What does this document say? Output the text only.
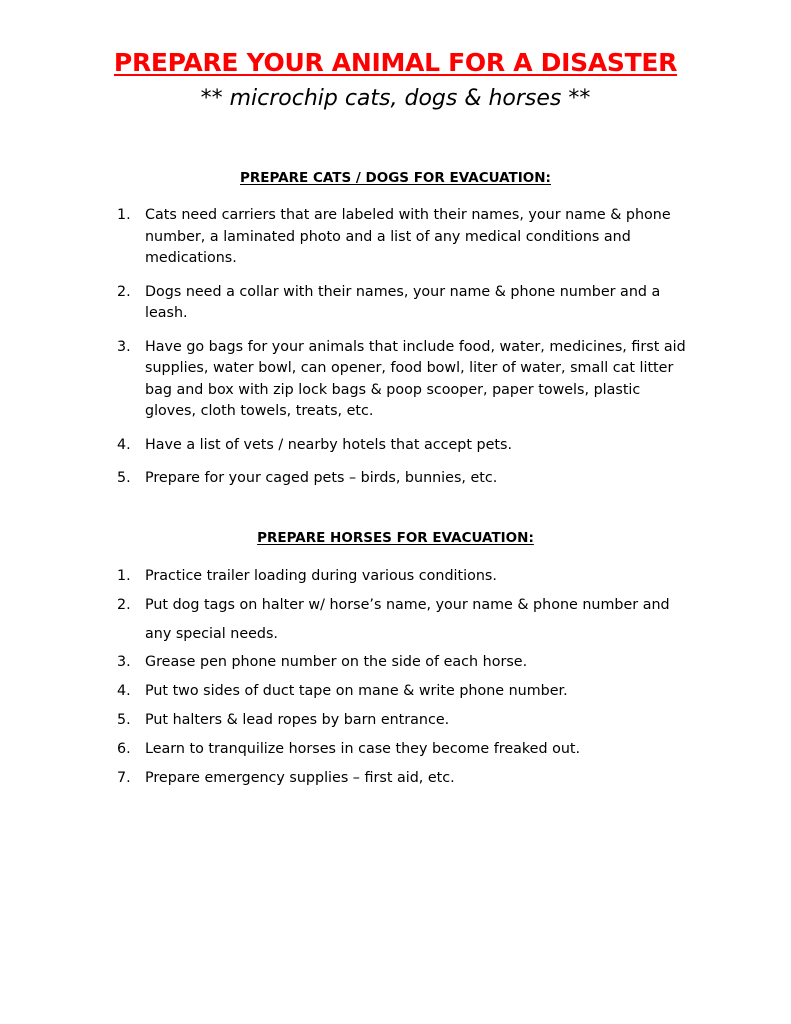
PREPARE YOUR ANIMAL FOR A DISASTER
** microchip cats, dogs & horses **
PREPARE CATS / DOGS FOR EVACUATION:
1.	Cats need carriers that are labeled with their names, your name & phone number, a laminated photo and a list of any medical conditions and medications.
2.	Dogs need a collar with their names, your name & phone number and a leash.
3.	Have go bags for your animals that include food, water, medicines, first aid supplies, water bowl, can opener, food bowl, liter of water, small cat litter bag and box with zip lock bags & poop scooper, paper towels, plastic gloves, cloth towels, treats, etc.
4.	Have a list of vets / nearby hotels that accept pets.
5.	Prepare for your caged pets – birds, bunnies, etc.
PREPARE HORSES FOR EVACUATION:
1.	Practice trailer loading during various conditions.
2.	Put dog tags on halter w/ horse’s name, your name & phone number and any special needs.
3.	Grease pen phone number on the side of each horse.
4.	Put two sides of duct tape on mane & write phone number.
5.	Put halters & lead ropes by barn entrance.
6.	Learn to tranquilize horses in case they become freaked out.
7.	Prepare emergency supplies – first aid, etc.
